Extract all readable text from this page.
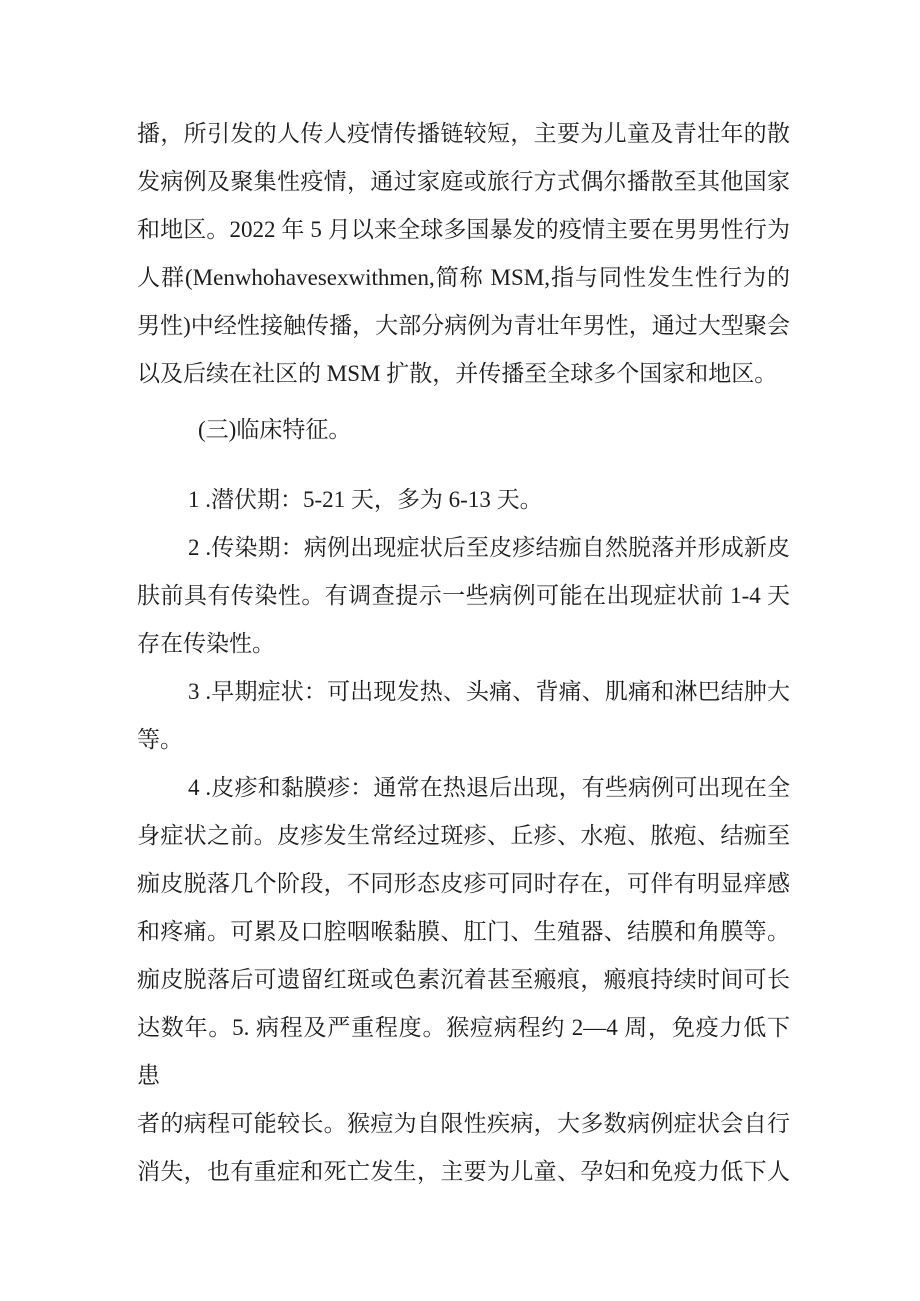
播，所引发的人传人疫情传播链较短，主要为儿童及青壮年的散
发病例及聚集性疫情，通过家庭或旅行方式偶尔播散至其他国家
和地区。2022 年 5 月以来全球多国暴发的疫情主要在男男性行为
人群(Menwhohavesexwithmen,简称 MSM,指与同性发生性行为的
男性)中经性接触传播，大部分病例为青壮年男性，通过大型聚会
以及后续在社区的 MSM 扩散，并传播至全球多个国家和地区。
(三)临床特征。
1 .潜伏期：5-21 天，多为 6-13 天。
2 .传染期：病例出现症状后至皮疹结痂自然脱落并形成新皮
肤前具有传染性。有调查提示一些病例可能在出现症状前 1-4 天
存在传染性。
3 .早期症状：可出现发热、头痛、背痛、肌痛和淋巴结肿大
等。
4 .皮疹和黏膜疹：通常在热退后出现，有些病例可出现在全
身症状之前。皮疹发生常经过斑疹、丘疹、水疱、脓疱、结痂至
痂皮脱落几个阶段，不同形态皮疹可同时存在，可伴有明显痒感
和疼痛。可累及口腔咽喉黏膜、肛门、生殖器、结膜和角膜等。
痂皮脱落后可遗留红斑或色素沉着甚至瘢痕，瘢痕持续时间可长
达数年。5. 病程及严重程度。猴痘病程约 2—4 周，免疫力低下患
者的病程可能较长。猴痘为自限性疾病，大多数病例症状会自行
消失，也有重症和死亡发生，主要为儿童、孕妇和免疫力低下人
